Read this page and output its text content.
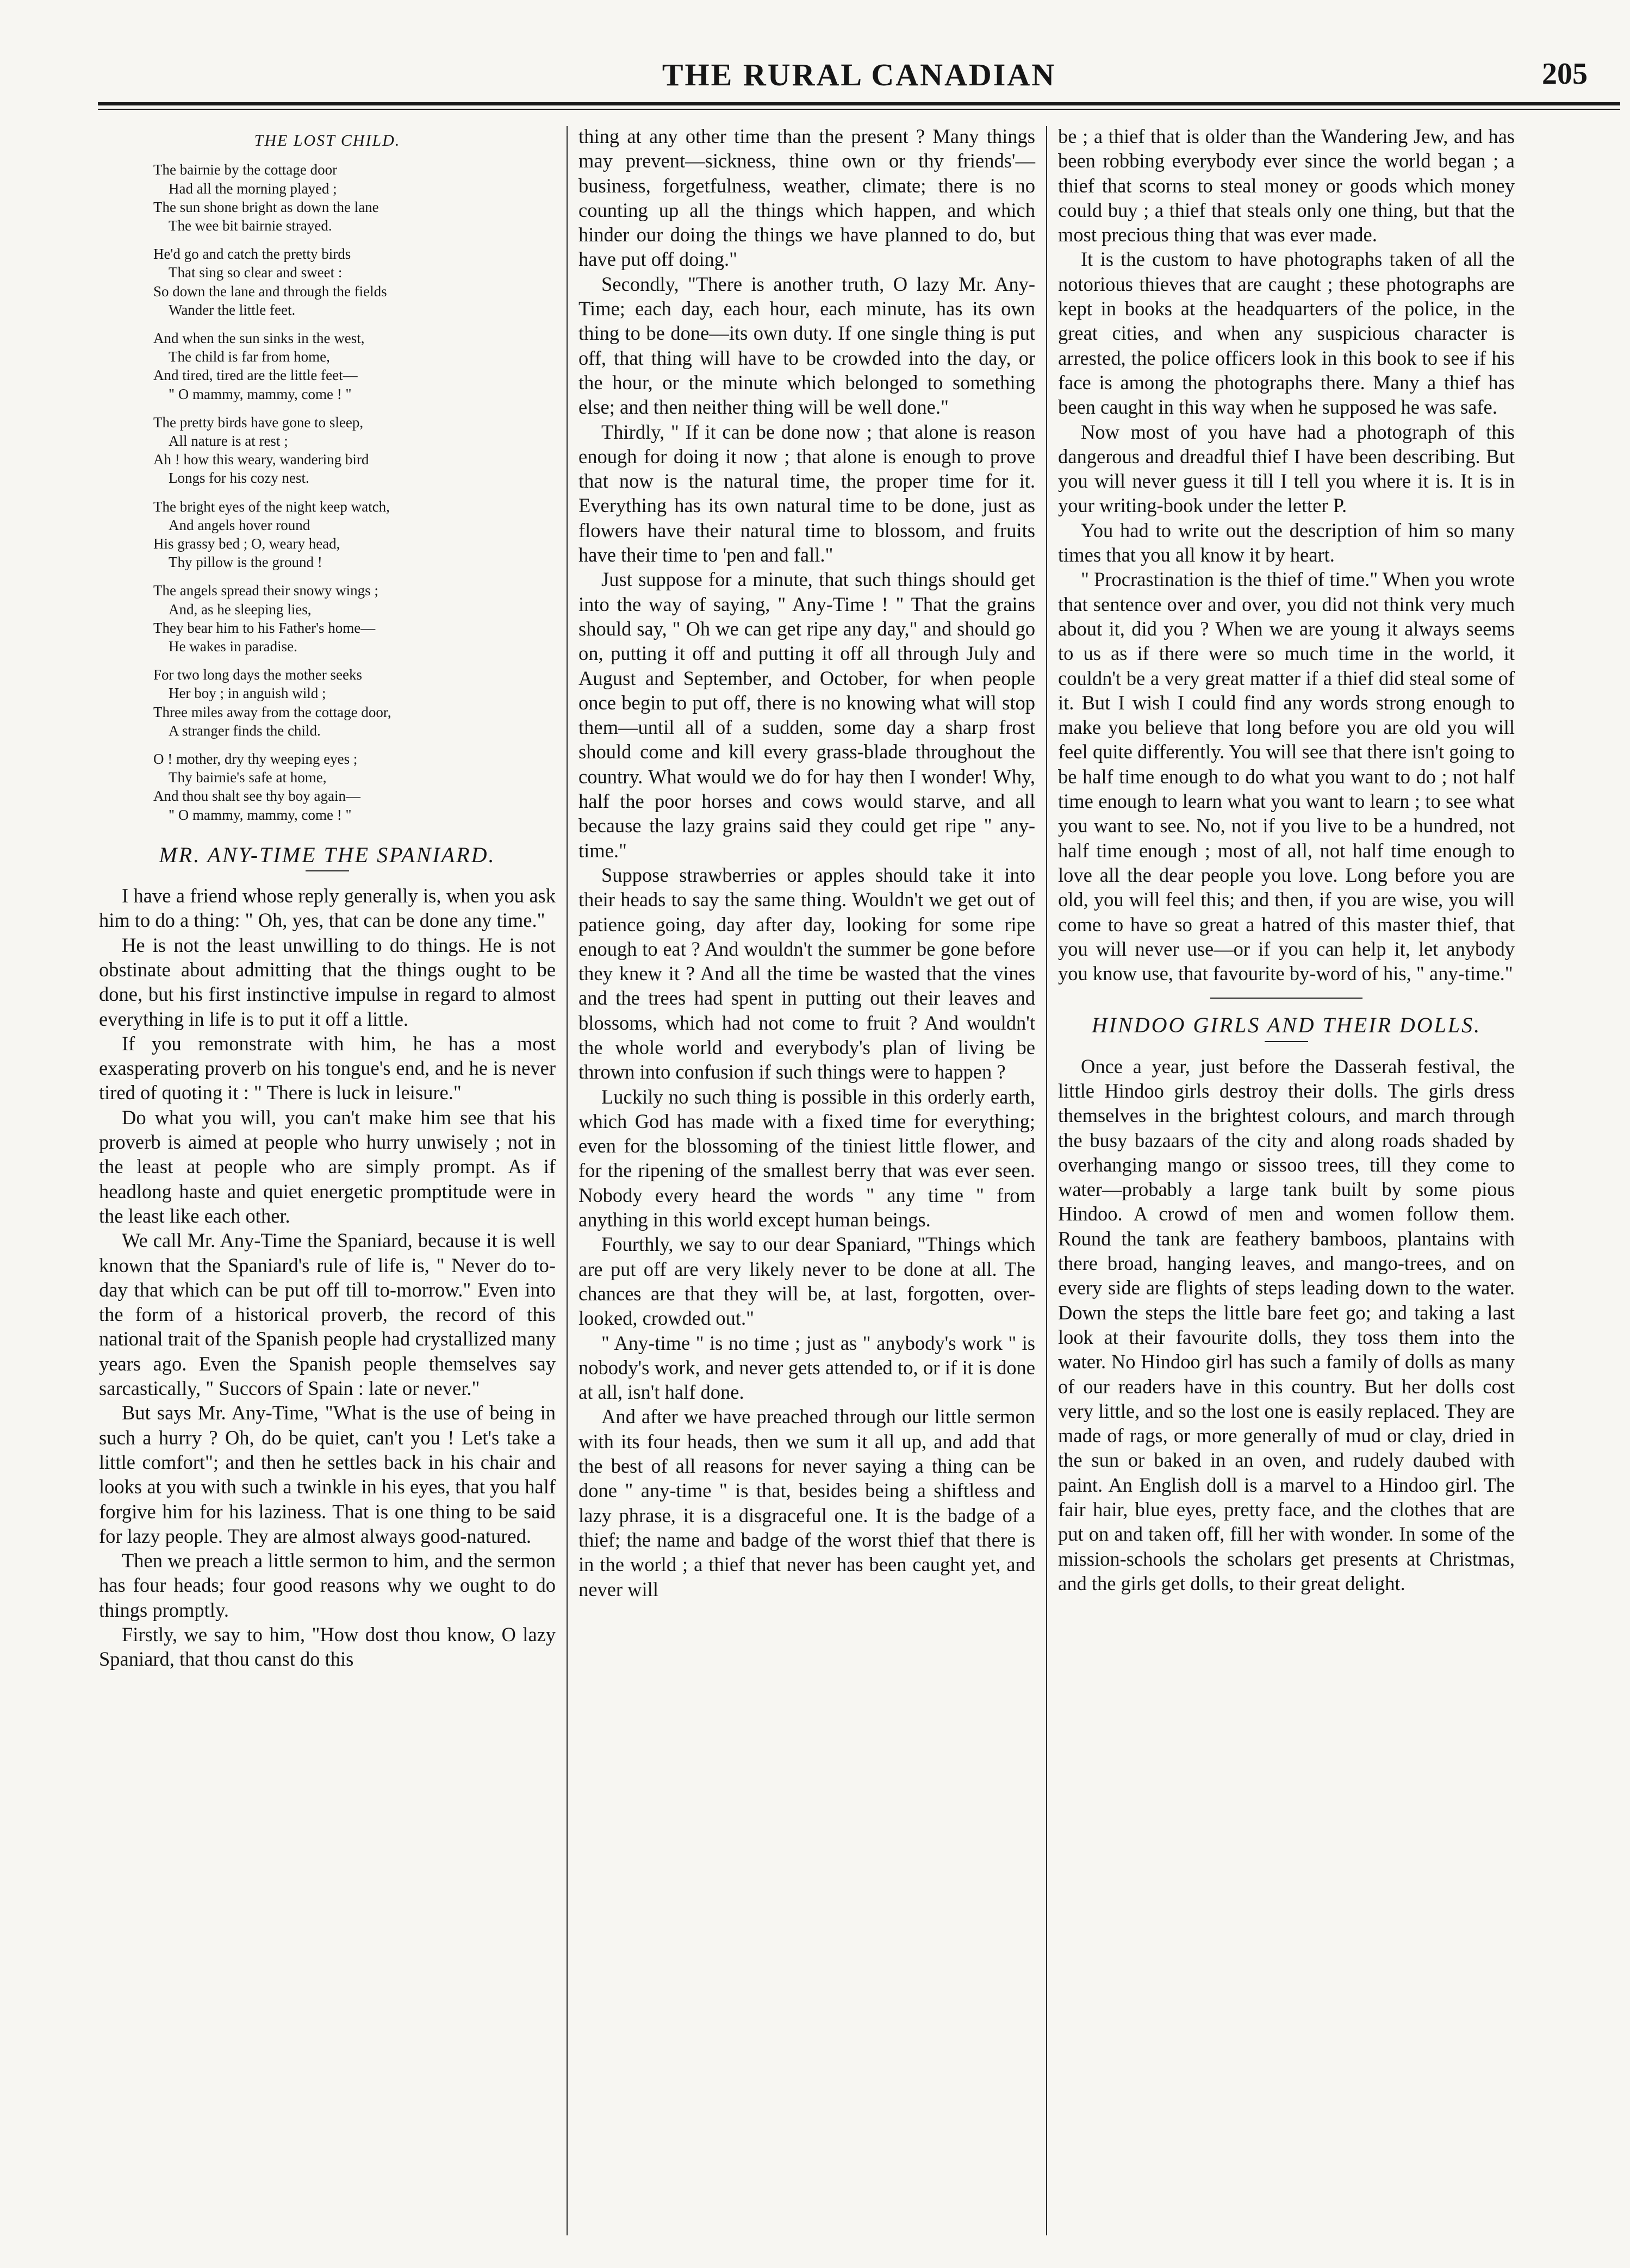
THE RURAL CANADIAN	205
THE LOST CHILD.
The bairnie by the cottage door
Had all the morning played ;
The sun shone bright as down the lane
The wee bit bairnie strayed.
He'd go and catch the pretty birds
That sing so clear and sweet :
So down the lane and through the fields
Wander the little feet.
And when the sun sinks in the west,
The child is far from home,
And tired, tired are the little feet—
" O mammy, mammy, come ! "
The pretty birds have gone to sleep,
All nature is at rest ;
Ah ! how this weary, wandering bird
Longs for his cozy nest.
The bright eyes of the night keep watch,
And angels hover round
His grassy bed ; O, weary head,
Thy pillow is the ground !
The angels spread their snowy wings ;
And, as he sleeping lies,
They bear him to his Father's home—
He wakes in paradise.
For two long days the mother seeks
Her boy ; in anguish wild ;
Three miles away from the cottage door,
A stranger finds the child.
O ! mother, dry thy weeping eyes ;
Thy bairnie's safe at home,
And thou shalt see thy boy again—
" O mammy, mammy, come ! "
MR. ANY-TIME THE SPANIARD.

I have a friend whose reply generally is, when you ask him to do a thing: " Oh, yes, that can be done any time."

He is not the least unwilling to do things. He is not obstinate about admitting that the things ought to be done, but his first instinctive impulse in regard to almost everything in life is to put it off a little.

If you remonstrate with him, he has a most exasperating proverb on his tongue's end, and he is never tired of quoting it : " There is luck in leisure."

Do what you will, you can't make him see that his proverb is aimed at people who hurry unwisely ; not in the least at people who are simply prompt. As if headlong haste and quiet energetic promptitude were in the least like each other.

We call Mr. Any-Time the Spaniard, because it is well known that the Spaniard's rule of life is, " Never do to-day that which can be put off till to-morrow." Even into the form of a historical proverb, the record of this national trait of the Spanish people had crystallized many years ago. Even the Spanish people themselves say sarcastically, " Succors of Spain : late or never."

But says Mr. Any-Time, "What is the use of being in such a hurry ? Oh, do be quiet, can't you ! Let's take a little comfort"; and then he settles back in his chair and looks at you with such a twinkle in his eyes, that you half forgive him for his laziness. That is one thing to be said for lazy people. They are almost always good-natured.

Then we preach a little sermon to him, and the sermon has four heads; four good reasons why we ought to do things promptly.

Firstly, we say to him, "How dost thou know, O lazy Spaniard, that thou canst do this

thing at any other time than the present ? Many things may prevent—sickness, thine own or thy friends'—business, forgetfulness, weather, climate; there is no counting up all the things which happen, and which hinder our doing the things we have planned to do, but have put off doing."

Secondly, "There is another truth, O lazy Mr. Any-Time; each day, each hour, each minute, has its own thing to be done—its own duty. If one single thing is put off, that thing will have to be crowded into the day, or the hour, or the minute which belonged to something else; and then neither thing will be well done."

Thirdly, " If it can be done now ; that alone is reason enough for doing it now ; that alone is enough to prove that now is the natural time, the proper time for it. Everything has its own natural time to be done, just as flowers have their natural time to blossom, and fruits have their time to 'pen and fall."

Just suppose for a minute, that such things should get into the way of saying, " Any-Time ! " That the grains should say, " Oh we can get ripe any day," and should go on, putting it off and putting it off all through July and August and September, and October, for when people once begin to put off, there is no knowing what will stop them—until all of a sudden, some day a sharp frost should come and kill every grass-blade throughout the country. What would we do for hay then I wonder! Why, half the poor horses and cows would starve, and all because the lazy grains said they could get ripe " any-time."

Suppose strawberries or apples should take it into their heads to say the same thing. Wouldn't we get out of patience going, day after day, looking for some ripe enough to eat ? And wouldn't the summer be gone before they knew it ? And all the time be wasted that the vines and the trees had spent in putting out their leaves and blossoms, which had not come to fruit ? And wouldn't the whole world and everybody's plan of living be thrown into confusion if such things were to happen ?

Luckily no such thing is possible in this orderly earth, which God has made with a fixed time for everything; even for the blossoming of the tiniest little flower, and for the ripening of the smallest berry that was ever seen. Nobody every heard the words " any time " from anything in this world except human beings.

Fourthly, we say to our dear Spaniard, "Things which are put off are very likely never to be done at all. The chances are that they will be, at last, forgotten, over-looked, crowded out."

" Any-time " is no time ; just as " anybody's work " is nobody's work, and never gets attended to, or if it is done at all, isn't half done.

And after we have preached through our little sermon with its four heads, then we sum it all up, and add that the best of all reasons for never saying a thing can be done " any-time " is that, besides being a shiftless and lazy phrase, it is a disgraceful one. It is the badge of a thief; the name and badge of the worst thief that there is in the world ; a thief that never has been caught yet, and never will

be ; a thief that is older than the Wandering Jew, and has been robbing everybody ever since the world began ; a thief that scorns to steal money or goods which money could buy ; a thief that steals only one thing, but that the most precious thing that was ever made.

It is the custom to have photographs taken of all the notorious thieves that are caught ; these photographs are kept in books at the headquarters of the police, in the great cities, and when any suspicious character is arrested, the police officers look in this book to see if his face is among the photographs there. Many a thief has been caught in this way when he supposed he was safe.

Now most of you have had a photograph of this dangerous and dreadful thief I have been describing. But you will never guess it till I tell you where it is. It is in your writing-book under the letter P.

You had to write out the description of him so many times that you all know it by heart.

" Procrastination is the thief of time." When you wrote that sentence over and over, you did not think very much about it, did you ? When we are young it always seems to us as if there were so much time in the world, it couldn't be a very great matter if a thief did steal some of it. But I wish I could find any words strong enough to make you believe that long before you are old you will feel quite differently. You will see that there isn't going to be half time enough to do what you want to do ; not half time enough to learn what you want to learn ; to see what you want to see. No, not if you live to be a hundred, not half time enough ; most of all, not half time enough to love all the dear people you love. Long before you are old, you will feel this; and then, if you are wise, you will come to have so great a hatred of this master thief, that you will never use—or if you can help it, let anybody you know use, that favourite by-word of his, " any-time."

HINDOO GIRLS AND THEIR DOLLS.

Once a year, just before the Dasserah festival, the little Hindoo girls destroy their dolls. The girls dress themselves in the brightest colours, and march through the busy bazaars of the city and along roads shaded by overhanging mango or sissoo trees, till they come to water—probably a large tank built by some pious Hindoo. A crowd of men and women follow them. Round the tank are feathery bamboos, plantains with there broad, hanging leaves, and mango-trees, and on every side are flights of steps leading down to the water. Down the steps the little bare feet go; and taking a last look at their favourite dolls, they toss them into the water. No Hindoo girl has such a family of dolls as many of our readers have in this country. But her dolls cost very little, and so the lost one is easily replaced. They are made of rags, or more generally of mud or clay, dried in the sun or baked in an oven, and rudely daubed with paint. An English doll is a marvel to a Hindoo girl. The fair hair, blue eyes, pretty face, and the clothes that are put on and taken off, fill her with wonder. In some of the mission-schools the scholars get presents at Christmas, and the girls get dolls, to their great delight.
